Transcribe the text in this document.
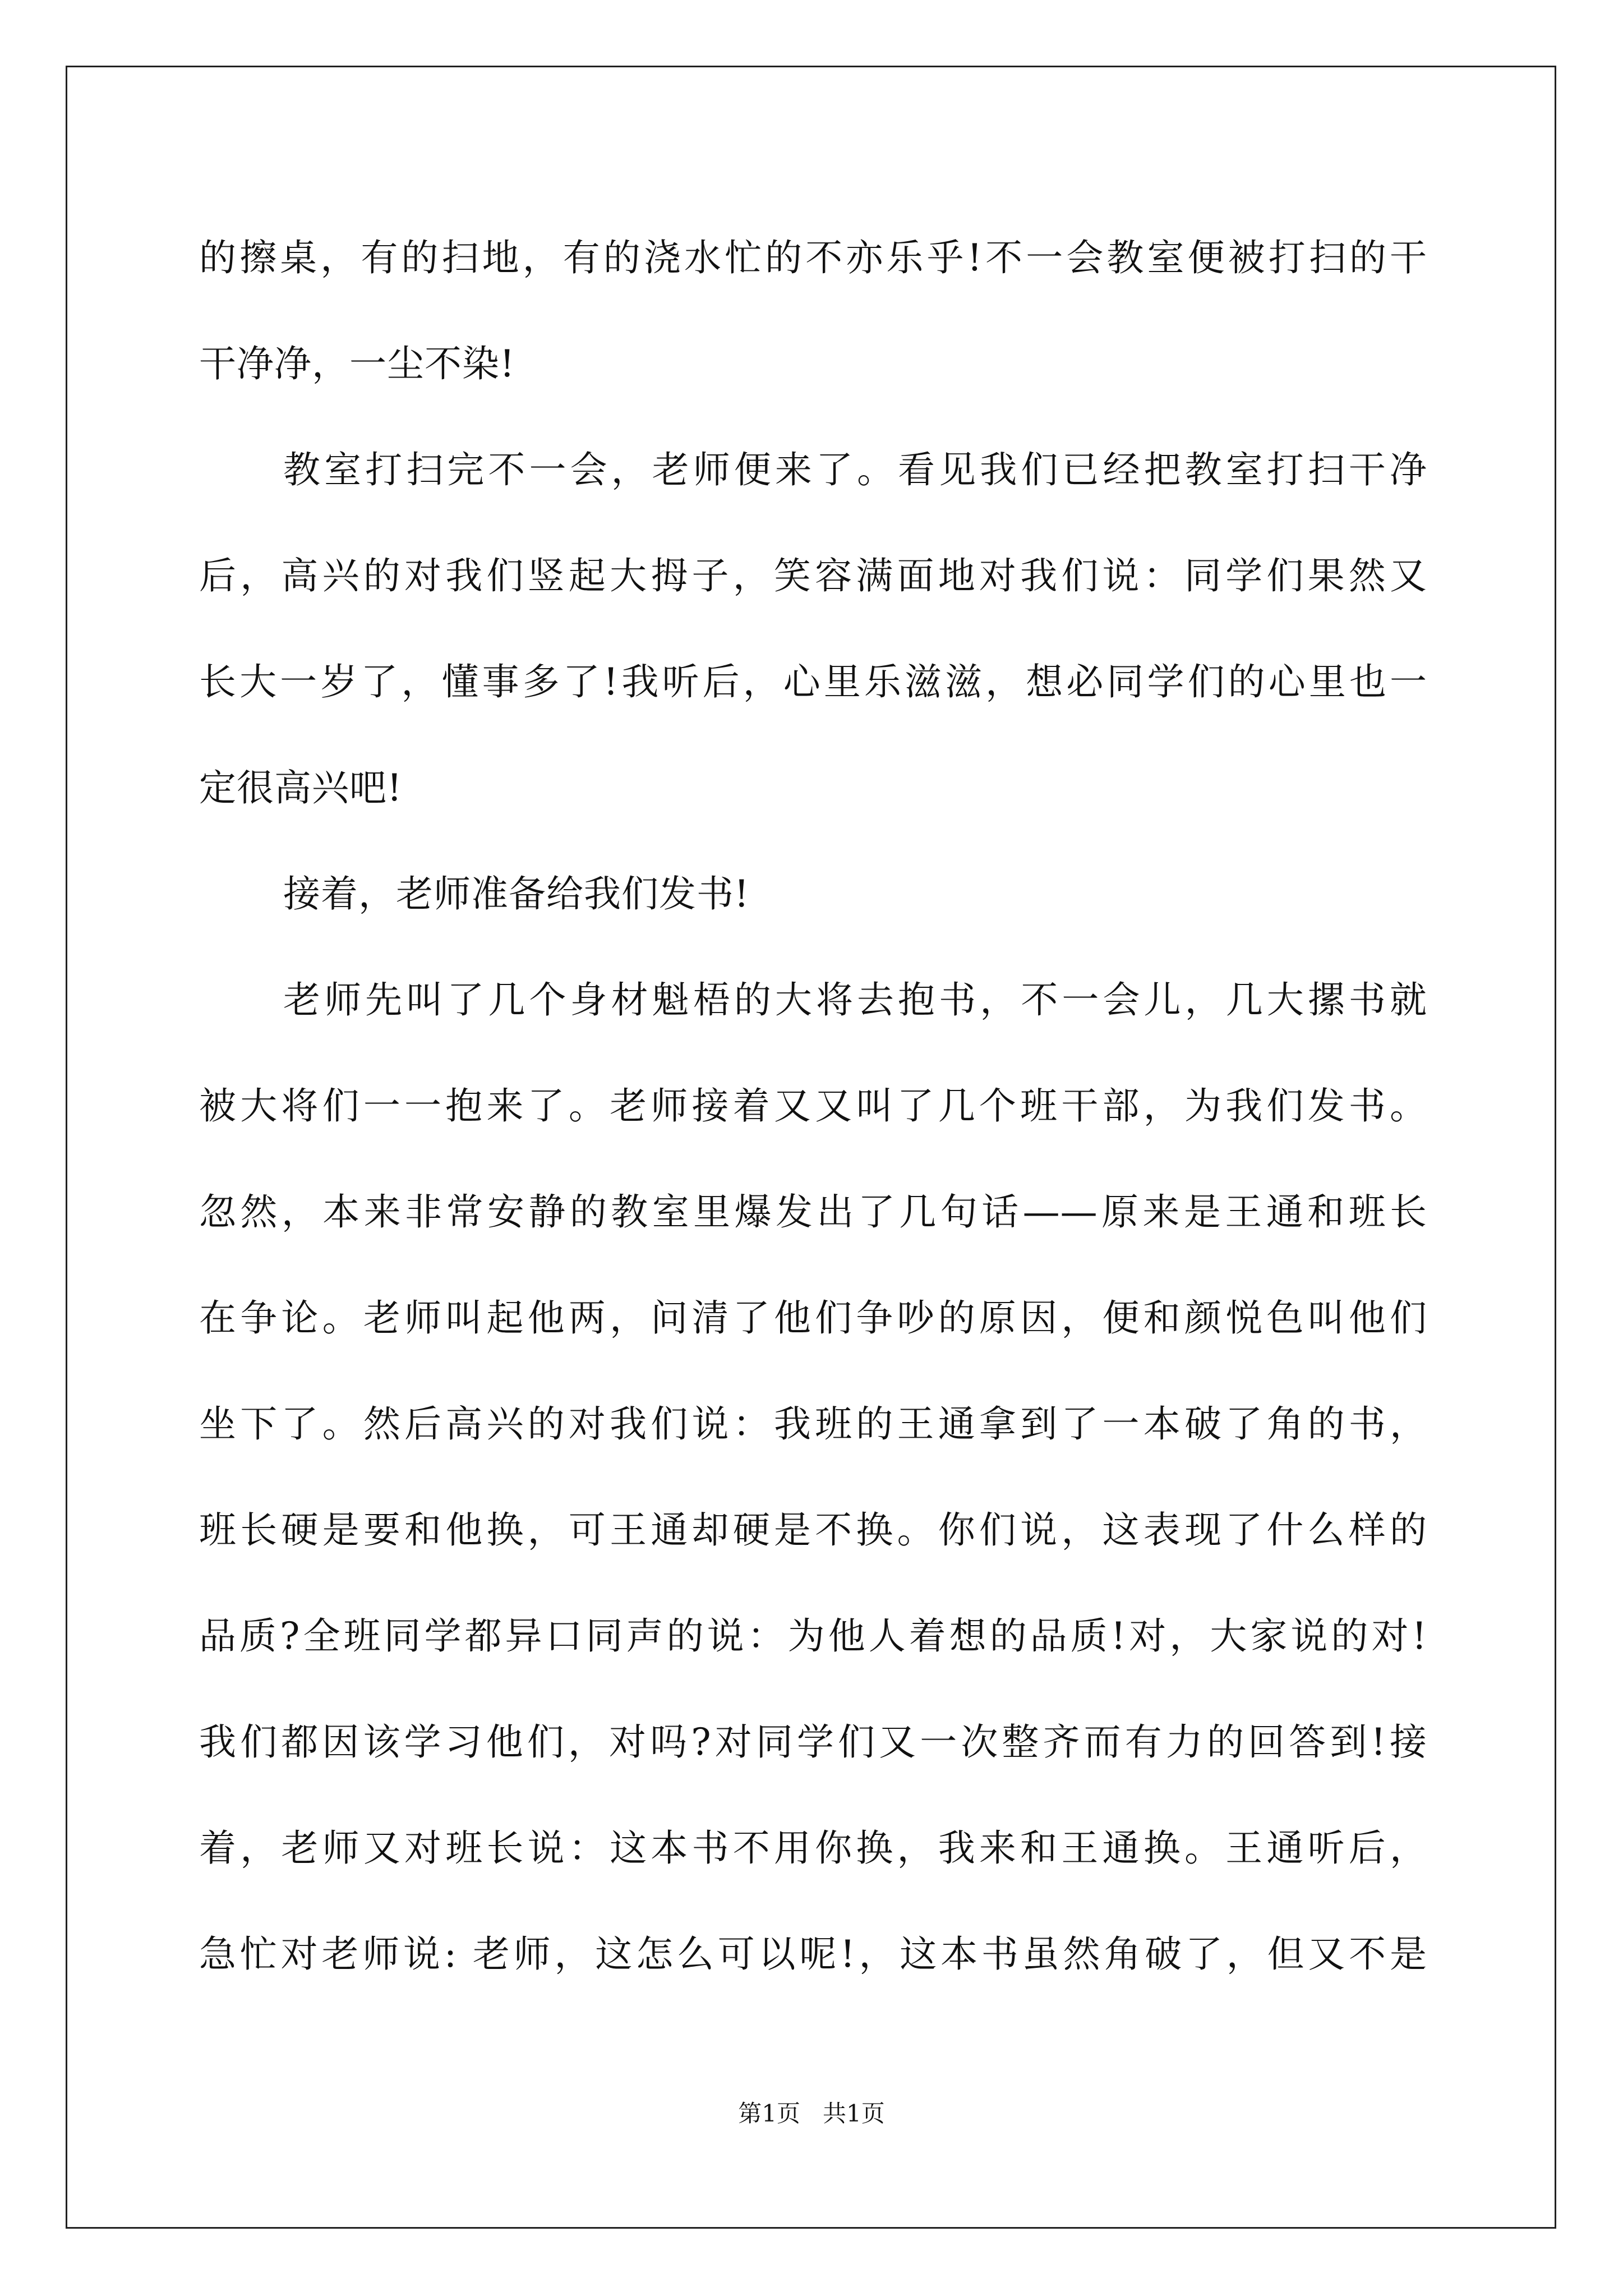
的擦桌，有的扫地，有的浇水忙的不亦乐乎!不一会教室便被打扫的干
干净净，一尘不染!
教室打扫完不一会，老师便来了。看见我们已经把教室打扫干净
后，高兴的对我们竖起大拇子，笑容满面地对我们说：同学们果然又
长大一岁了，懂事多了!我听后，心里乐滋滋，想必同学们的心里也一
定很高兴吧!
接着，老师准备给我们发书!
老师先叫了几个身材魁梧的大将去抱书，不一会儿，几大摞书就
被大将们一一抱来了。老师接着又又叫了几个班干部，为我们发书。
忽然，本来非常安静的教室里爆发出了几句话——原来是王通和班长
在争论。老师叫起他两，问清了他们争吵的原因，便和颜悦色叫他们
坐下了。然后高兴的对我们说：我班的王通拿到了一本破了角的书，
班长硬是要和他换，可王通却硬是不换。你们说，这表现了什么样的
品质?全班同学都异口同声的说：为他人着想的品质!对，大家说的对!
我们都因该学习他们，对吗?对同学们又一次整齐而有力的回答到!接
着，老师又对班长说：这本书不用你换，我来和王通换。王通听后，
急忙对老师说: 老师，这怎么可以呢!，这本书虽然角破了，但又不是
第1页   共1页
